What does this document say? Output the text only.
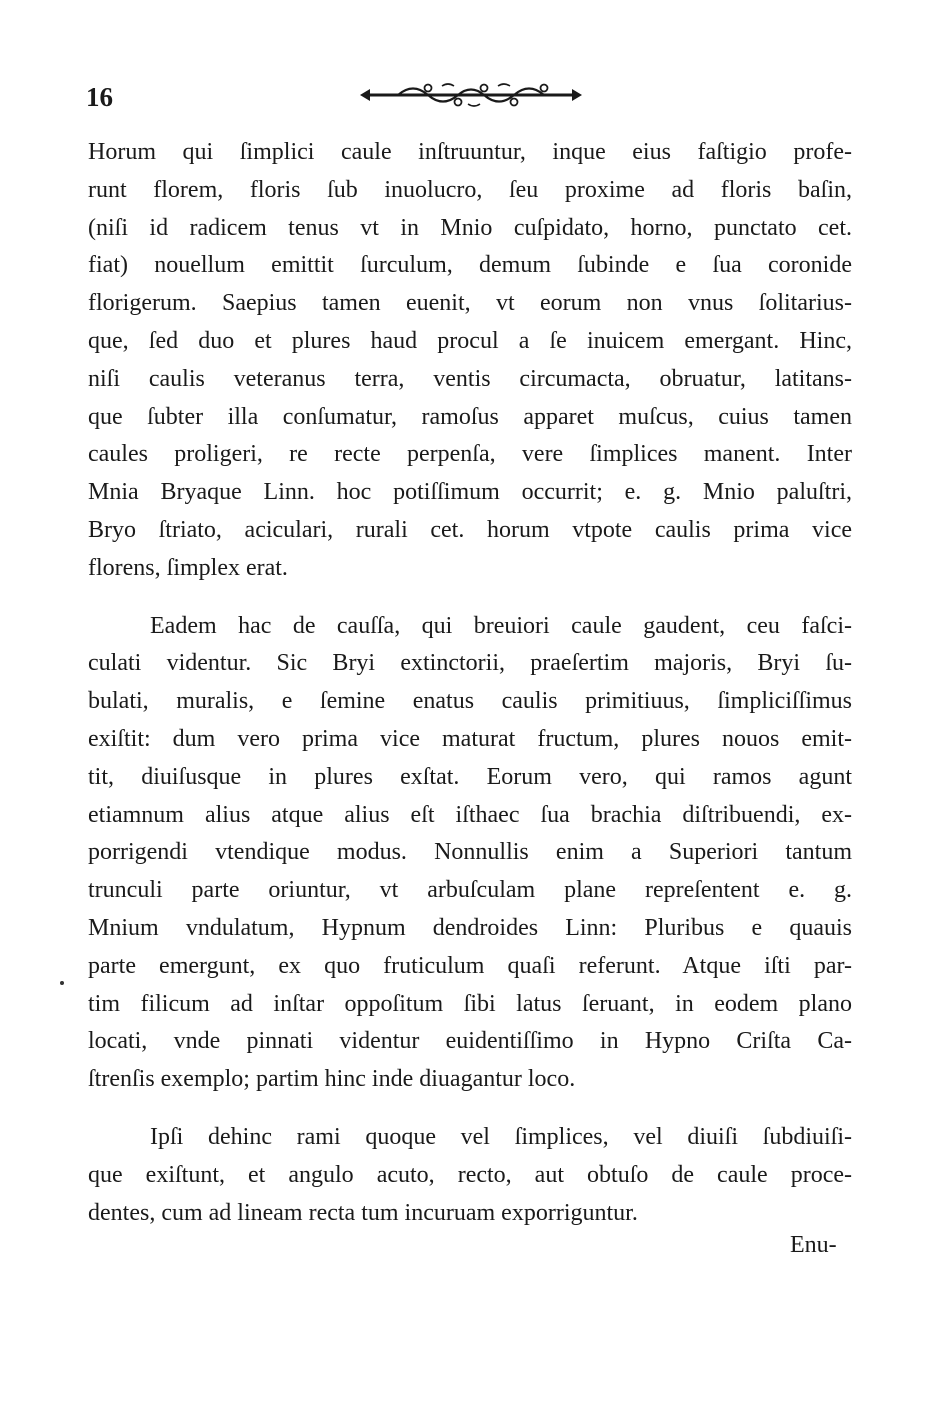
16
Horum qui ſimplici caule inſtruuntur, inque eius faſtigio profe-
runt florem, floris ſub inuolucro, ſeu proxime ad floris baſin,
(niſi id radicem tenus vt in Mnio cuſpidato, horno, punctato cet.
fiat) nouellum emittit ſurculum, demum ſubinde e ſua coronide
florigerum. Saepius tamen euenit, vt eorum non vnus ſolitarius-
que, ſed duo et plures haud procul a ſe inuicem emergant. Hinc,
niſi caulis veteranus terra, ventis circumacta, obruatur, latitans-
que ſubter illa conſumatur, ramoſus apparet muſcus, cuius tamen
caules proligeri, re recte perpenſa, vere ſimplices manent. Inter
Mnia Bryaque Linn. hoc potiſſimum occurrit; e. g. Mnio paluſtri,
Bryo ſtriato, aciculari, rurali cet. horum vtpote caulis prima vice
florens, ſimplex erat.
Eadem hac de cauſſa, qui breuiori caule gaudent, ceu faſci-
culati videntur. Sic Bryi extinctorii, praeſertim majoris, Bryi ſu-
bulati, muralis, e ſemine enatus caulis primitiuus, ſimpliciſſimus
exiſtit: dum vero prima vice maturat fructum, plures nouos emit-
tit, diuiſusque in plures exſtat. Eorum vero, qui ramos agunt
etiamnum alius atque alius eſt iſthaec ſua brachia diſtribuendi, ex-
porrigendi vtendique modus. Nonnullis enim a Superiori tantum
trunculi parte oriuntur, vt arbuſculam plane repreſentent e. g.
Mnium vndulatum, Hypnum dendroides Linn: Pluribus e quauis
parte emergunt, ex quo fruticulum quaſi referunt. Atque iſti par-
tim filicum ad inſtar oppoſitum ſibi latus ſeruant, in eodem plano
locati, vnde pinnati videntur euidentiſſimo in Hypno Criſta Ca-
ſtrenſis exemplo; partim hinc inde diuagantur loco.
Ipſi dehinc rami quoque vel ſimplices, vel diuiſi ſubdiuiſi-
que exiſtunt, et angulo acuto, recto, aut obtuſo de caule proce-
dentes, cum ad lineam recta tum incuruam exporriguntur.
Enu-
